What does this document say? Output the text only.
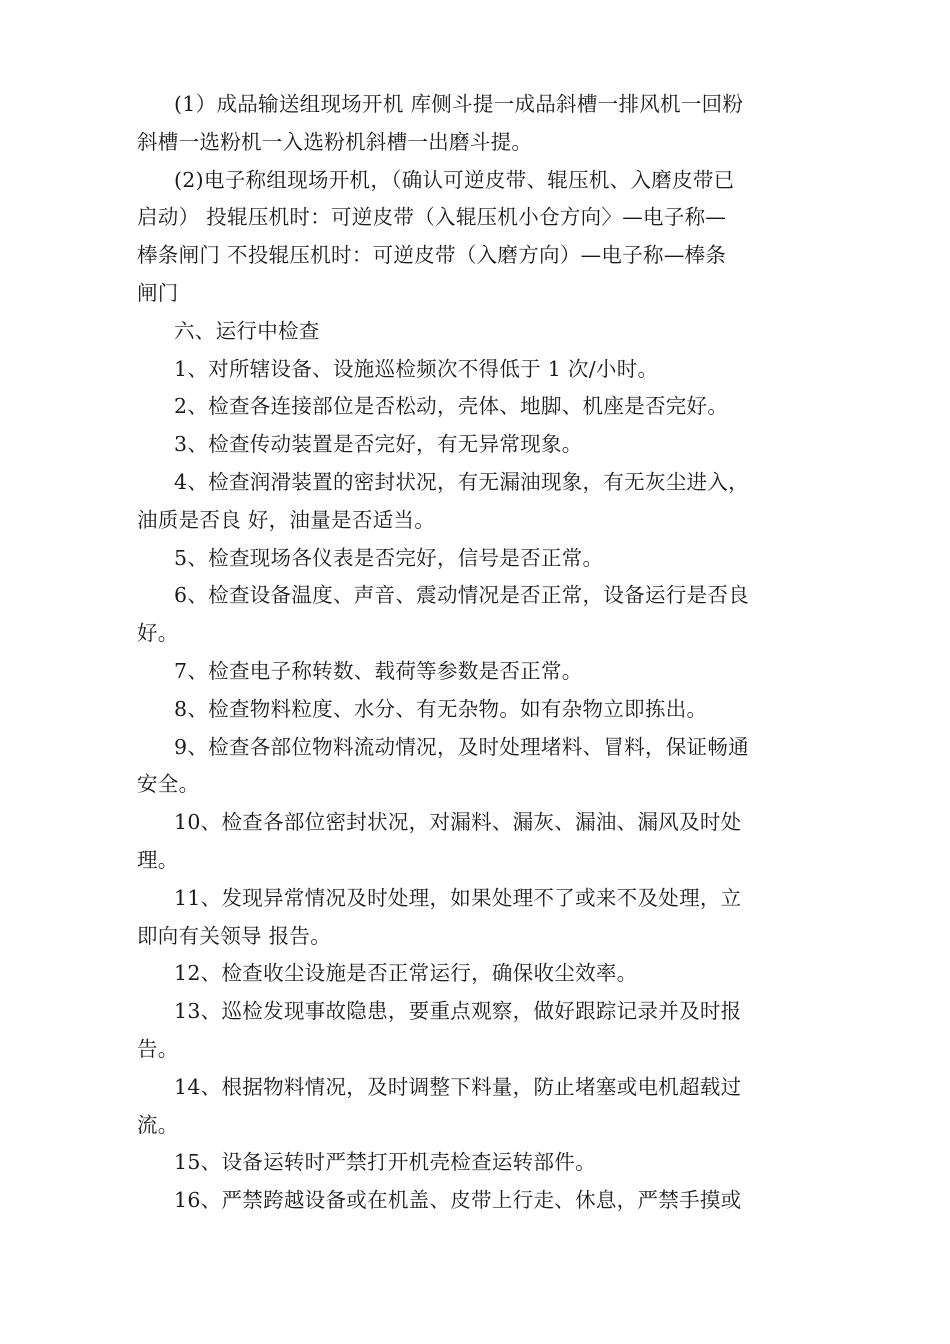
(1）成品输送组现场开机 库侧斗提一成品斜槽一排风机一回粉
斜槽一选粉机一入选粉机斜槽一出磨斗提。
(2)电子称组现场开机，（确认可逆皮带、辊压机、入磨皮带已
启动） 投辊压机时：可逆皮带（入辊压机小仓方向〉—电子称—
棒条闸门 不投辊压机时：可逆皮带（入磨方向）—电子称—棒条
闸门
六、运行中检查
1、对所辖设备、设施巡检频次不得低于 1 次/小时。
2、检查各连接部位是否松动，壳体、地脚、机座是否完好。
3、检查传动装置是否完好，有无异常现象。
4、检查润滑装置的密封状况，有无漏油现象，有无灰尘进入，
油质是否良 好，油量是否适当。
5、检查现场各仪表是否完好，信号是否正常。
6、检查设备温度、声音、震动情况是否正常，设备运行是否良
好。
7、检查电子称转数、载荷等参数是否正常。
8、检查物料粒度、水分、有无杂物。如有杂物立即拣出。
9、检查各部位物料流动情况，及时处理堵料、冒料，保证畅通
安全。
10、检查各部位密封状况，对漏料、漏灰、漏油、漏风及时处
理。
11、发现异常情况及时处理，如果处理不了或来不及处理，立
即向有关领导 报告。
12、检查收尘设施是否正常运行，确保收尘效率。
13、巡检发现事故隐患，要重点观察，做好跟踪记录并及时报
告。
14、根据物料情况，及时调整下料量，防止堵塞或电机超载过
流。
15、设备运转时严禁打开机壳检查运转部件。
16、严禁跨越设备或在机盖、皮带上行走、休息，严禁手摸或
